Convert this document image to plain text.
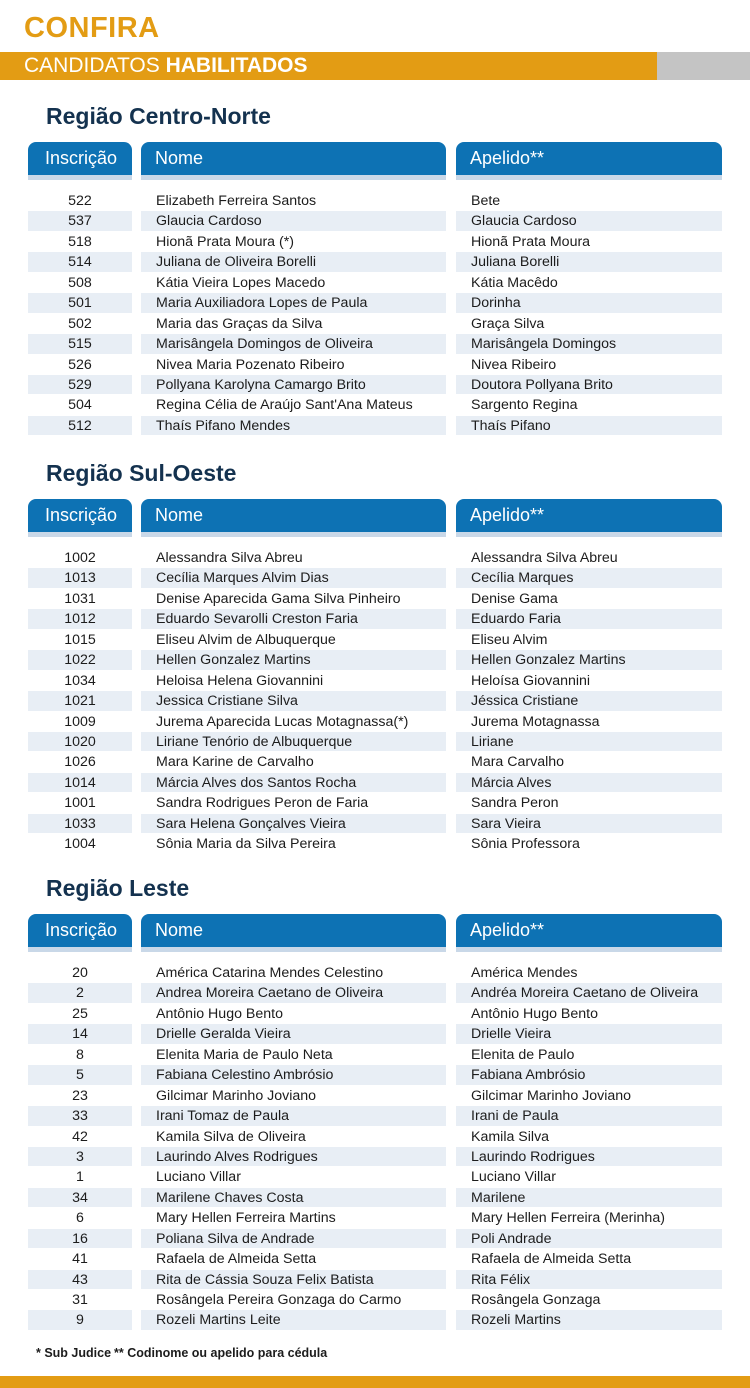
CONFIRA
CANDIDATOS HABILITADOS
Região Centro-Norte
Inscrição	Nome	Apelido**
522	Elizabeth Ferreira Santos	Bete
537	Glaucia Cardoso	Glaucia Cardoso
518	Hionã Prata Moura (*)	Hionã Prata Moura
514	Juliana de Oliveira Borelli	Juliana Borelli
508	Kátia Vieira Lopes Macedo	Kátia Macêdo
501	Maria Auxiliadora Lopes de Paula	Dorinha
502	Maria das Graças da Silva	Graça Silva
515	Marisângela Domingos de Oliveira	Marisângela Domingos
526	Nivea Maria Pozenato Ribeiro	Nivea Ribeiro
529	Pollyana Karolyna Camargo Brito	Doutora Pollyana Brito
504	Regina Célia de Araújo Sant'Ana Mateus	Sargento Regina
512	Thaís Pifano Mendes	Thaís Pifano
Região Sul-Oeste
Inscrição	Nome	Apelido**
1002	Alessandra Silva Abreu	Alessandra Silva Abreu
1013	Cecília Marques Alvim Dias	Cecília Marques
1031	Denise Aparecida Gama Silva Pinheiro	Denise Gama
1012	Eduardo Sevarolli Creston Faria	Eduardo Faria
1015	Eliseu Alvim de Albuquerque	Eliseu Alvim
1022	Hellen Gonzalez Martins	Hellen Gonzalez Martins
1034	Heloisa Helena Giovannini	Heloísa Giovannini
1021	Jessica Cristiane Silva	Jéssica Cristiane
1009	Jurema Aparecida Lucas Motagnassa(*)	Jurema Motagnassa
1020	Liriane Tenório de Albuquerque	Liriane
1026	Mara Karine de Carvalho	Mara Carvalho
1014	Márcia Alves dos Santos Rocha	Márcia Alves
1001	Sandra Rodrigues Peron de Faria	Sandra Peron
1033	Sara Helena Gonçalves Vieira	Sara Vieira
1004	Sônia Maria da Silva Pereira	Sônia Professora
Região Leste
Inscrição	Nome	Apelido**
20	América Catarina Mendes Celestino	América Mendes
2	Andrea Moreira Caetano de Oliveira	Andréa Moreira Caetano de Oliveira
25	Antônio Hugo Bento	Antônio Hugo Bento
14	Drielle Geralda Vieira	Drielle Vieira
8	Elenita Maria de Paulo Neta	Elenita de Paulo
5	Fabiana Celestino Ambrósio	Fabiana Ambrósio
23	Gilcimar Marinho Joviano	Gilcimar Marinho Joviano
33	Irani Tomaz de Paula	Irani de Paula
42	Kamila Silva de Oliveira	Kamila Silva
3	Laurindo Alves Rodrigues	Laurindo Rodrigues
1	Luciano Villar	Luciano Villar
34	Marilene Chaves Costa	Marilene
6	Mary Hellen Ferreira Martins	Mary Hellen Ferreira (Merinha)
16	Poliana Silva de Andrade	Poli Andrade
41	Rafaela de Almeida Setta	Rafaela de Almeida Setta
43	Rita de Cássia Souza Felix Batista	Rita Félix
31	Rosângela Pereira Gonzaga do Carmo	Rosângela Gonzaga
9	Rozeli Martins Leite	Rozeli Martins
* Sub Judice ** Codinome ou apelido para cédula
